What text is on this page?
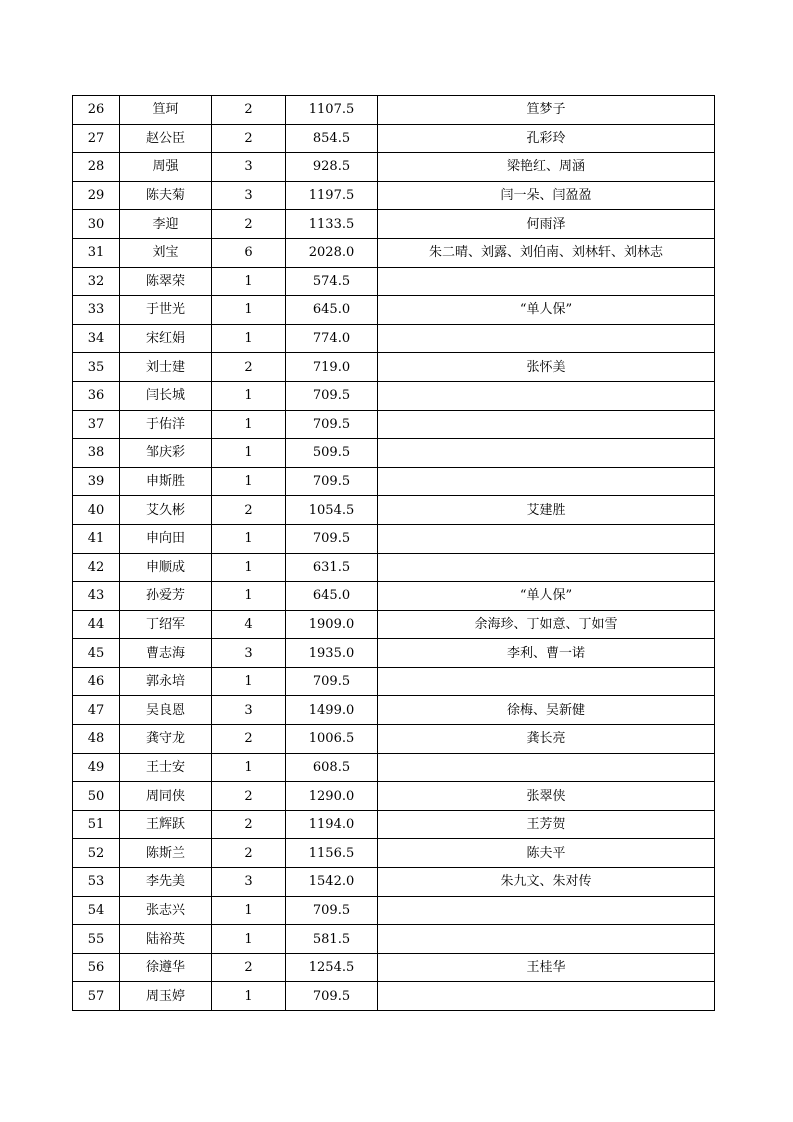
26	笪珂	2	1107.5	笪梦子
27	赵公臣	2	854.5	孔彩玲
28	周强	3	928.5	梁艳红、周涵
29	陈夫菊	3	1197.5	闫一朵、闫盈盈
30	李迎	2	1133.5	何雨泽
31	刘宝	6	2028.0	朱二晴、刘露、刘伯南、刘林轩、刘林志
32	陈翠荣	1	574.5	
33	于世光	1	645.0	“单人保”
34	宋红娟	1	774.0	
35	刘士建	2	719.0	张怀美
36	闫长城	1	709.5	
37	于佑洋	1	709.5	
38	邹庆彩	1	509.5	
39	申斯胜	1	709.5	
40	艾久彬	2	1054.5	艾建胜
41	申向田	1	709.5	
42	申顺成	1	631.5	
43	孙爱芳	1	645.0	“单人保”
44	丁绍军	4	1909.0	余海珍、丁如意、丁如雪
45	曹志海	3	1935.0	李利、曹一诺
46	郭永培	1	709.5	
47	吴良恩	3	1499.0	徐梅、吴新健
48	龚守龙	2	1006.5	龚长亮
49	王士安	1	608.5	
50	周同侠	2	1290.0	张翠侠
51	王辉跃	2	1194.0	王芳贺
52	陈斯兰	2	1156.5	陈夫平
53	李先美	3	1542.0	朱九文、朱对传
54	张志兴	1	709.5	
55	陆裕英	1	581.5	
56	徐遵华	2	1254.5	王桂华
57	周玉婷	1	709.5	
